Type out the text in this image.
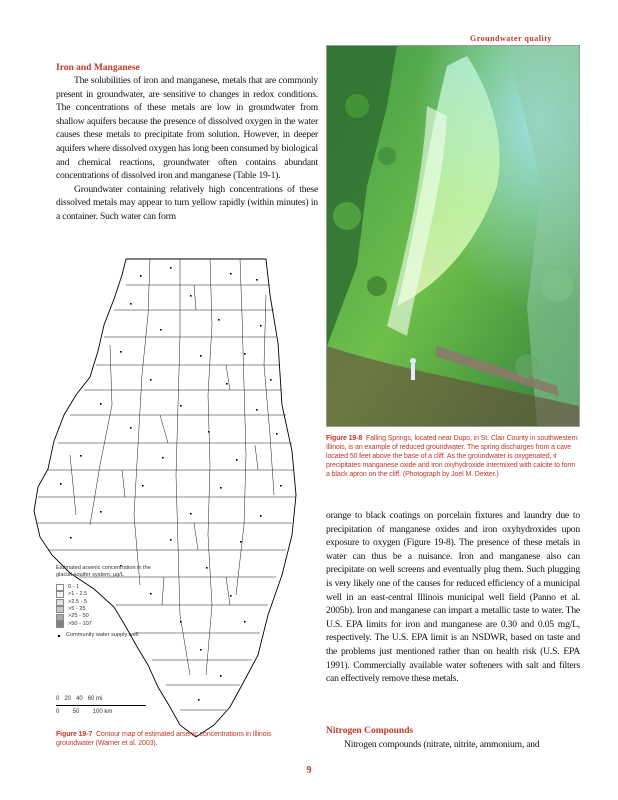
Groundwater quality
Iron and Manganese

The solubilities of iron and manganese, metals that are commonly present in groundwater, are sensitive to changes in redox conditions. The concentrations of these metals are low in groundwater from shallow aquifers because the presence of dissolved oxygen in the water causes these metals to precipitate from solution. However, in deeper aquifers where dissolved oxygen has long been consumed by biological and chemical reactions, groundwater often contains abundant concentrations of dissolved iron and manganese (Table 19-1).

Groundwater containing relatively high concentrations of these dissolved metals may appear to turn yellow rapidly (within minutes) in a container. Such water can form

Figure 19-8 Falling Springs, located near Dupo, in St. Clair County in southwestern Illinois, is an example of reduced groundwater. The spring discharges from a cave located 50 feet above the base of a cliff. As the groundwater is oxygenated, it precipitates manganese oxide and iron oxyhydroxide intermixed with calcite to form a black apron on the cliff. (Photograph by Joel M. Dexter.)

orange to black coatings on porcelain fixtures and laundry due to precipitation of manganese oxides and iron oxyhydroxides upon exposure to oxygen (Figure 19-8). The presence of these metals in water can thus be a nuisance. Iron and manganese also can precipitate on well screens and eventually plug them. Such plugging is very likely one of the causes for reduced efficiency of a municipal well in an east-central Illinois municipal well field (Panno et al. 2005b). Iron and manganese can impart a metallic taste to water. The U.S. EPA limits for iron and manganese are 0.30 and 0.05 mg/L, respectively. The U.S. EPA limit is an NSDWR, based on taste and the problems just mentioned rather than on health risk (U.S. EPA 1991). Commercially available water softeners with salt and filters can effectively remove these metals.

Nitrogen Compounds

Nitrogen compounds (nitrate, nitrite, ammonium, and

Estimated arsenic concentration in the glacial aquifer system, µg/L
0 - 1
>1 - 2.5
>2.5 - 5
>5 - 25
>25 - 50
>50 - 107
Community water supply well
0   20   40   60 mi
0        50        100 km
Figure 19-7 Contour map of estimated arsenic concentrations in Illinois groundwater (Warner et al. 2003).
9
